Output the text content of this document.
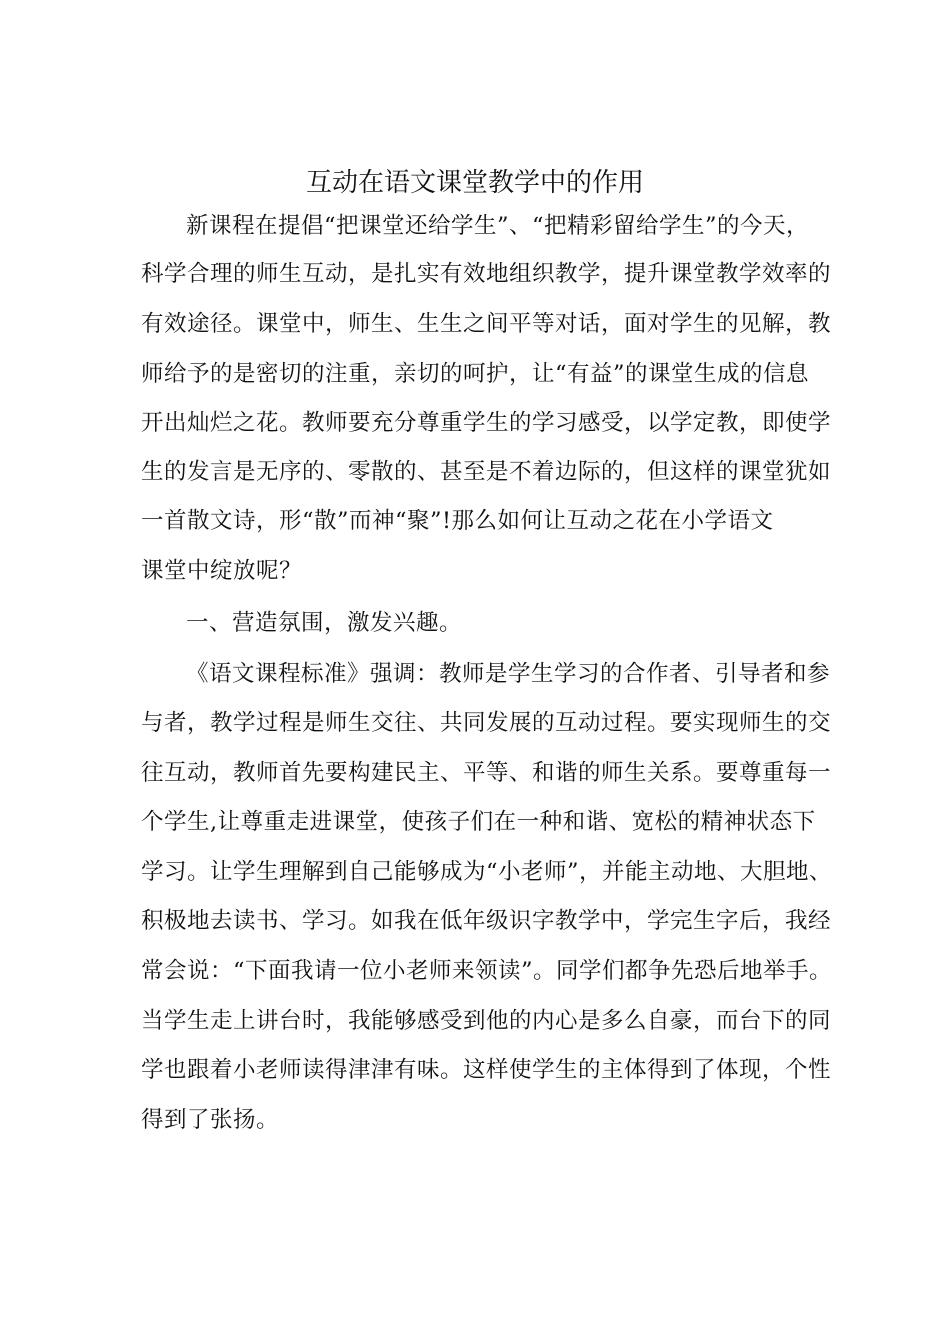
互动在语文课堂教学中的作用
新课程在提倡“把课堂还给学生”、“把精彩留给学生”的今天，
科学合理的师生互动，是扎实有效地组织教学，提升课堂教学效率的
有效途径。课堂中，师生、生生之间平等对话，面对学生的见解，教
师给予的是密切的注重，亲切的呵护，让“有益”的课堂生成的信息
开出灿烂之花。教师要充分尊重学生的学习感受，以学定教，即使学
生的发言是无序的、零散的、甚至是不着边际的，但这样的课堂犹如
一首散文诗，形“散”而神“聚”!那么如何让互动之花在小学语文
课堂中绽放呢？
一、营造氛围，激发兴趣。
《语文课程标准》强调：教师是学生学习的合作者、引导者和参
与者，教学过程是师生交往、共同发展的互动过程。要实现师生的交
往互动，教师首先要构建民主、平等、和谐的师生关系。要尊重每一
个学生,让尊重走进课堂，使孩子们在一种和谐、宽松的精神状态下
学习。让学生理解到自己能够成为“小老师”，并能主动地、大胆地、
积极地去读书、学习。如我在低年级识字教学中，学完生字后，我经
常会说：“下面我请一位小老师来领读”。同学们都争先恐后地举手。
当学生走上讲台时，我能够感受到他的内心是多么自豪，而台下的同
学也跟着小老师读得津津有味。这样使学生的主体得到了体现，个性
得到了张扬。
